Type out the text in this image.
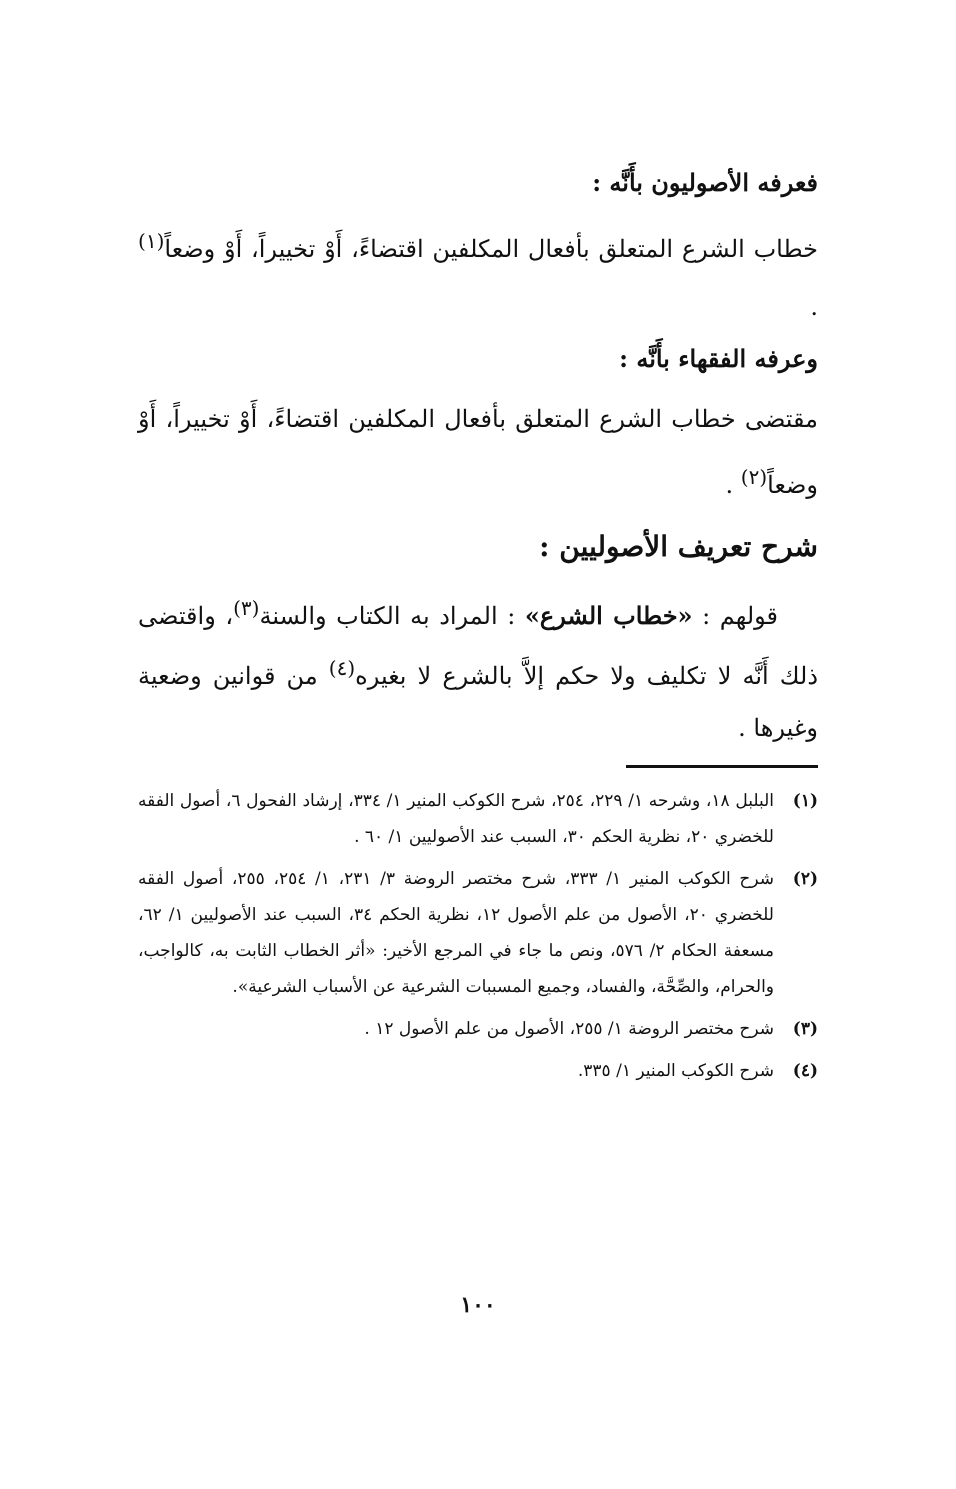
فعرفه الأصوليون بأَنَّه :
خطاب الشرع المتعلق بأفعال المكلفين اقتضاءً، أَوْ تخييراً، أَوْ وضعاً$^{(١)}$ .
وعرفه الفقهاء بأَنَّه :
مقتضى خطاب الشرع المتعلق بأفعال المكلفين اقتضاءً، أَوْ تخييراً، أَوْ وضعاً$^{(٢)}$ .
شرح تعريف الأصوليين :
قولهم : «خطاب الشرع» : المراد به الكتاب والسنة$^{(٣)}$، واقتضى ذلك أَنَّه لا تكليف ولا حكم إلاَّ بالشرع لا بغيره$^{(٤)}$ من قوانين وضعية وغيرها .
(١)
البلبل ١٨، وشرحه ١/ ٢٢٩، ٢٥٤، شرح الكوكب المنير ١/ ٣٣٤، إرشاد الفحول ٦، أصول الفقه للخضري ٢٠، نظرية الحكم ٣٠، السبب عند الأصوليين ١/ ٦٠ .
(٢)
شرح الكوكب المنير ١/ ٣٣٣، شرح مختصر الروضة ٣/ ٢٣١، ١/ ٢٥٤، ٢٥٥، أصول الفقه للخضري ٢٠، الأصول من علم الأصول ١٢، نظرية الحكم ٣٤، السبب عند الأصوليين ١/ ٦٢، مسعفة الحكام ٢/ ٥٧٦، ونص ما جاء في المرجع الأخير: «أثر الخطاب الثابت به، كالواجب، والحرام، والصِّحَّة، والفساد، وجميع المسببات الشرعية عن الأسباب الشرعية».
(٣)
شرح مختصر الروضة ١/ ٢٥٥، الأصول من علم الأصول ١٢ .
(٤)
شرح الكوكب المنير ١/ ٣٣٥.
١٠٠
